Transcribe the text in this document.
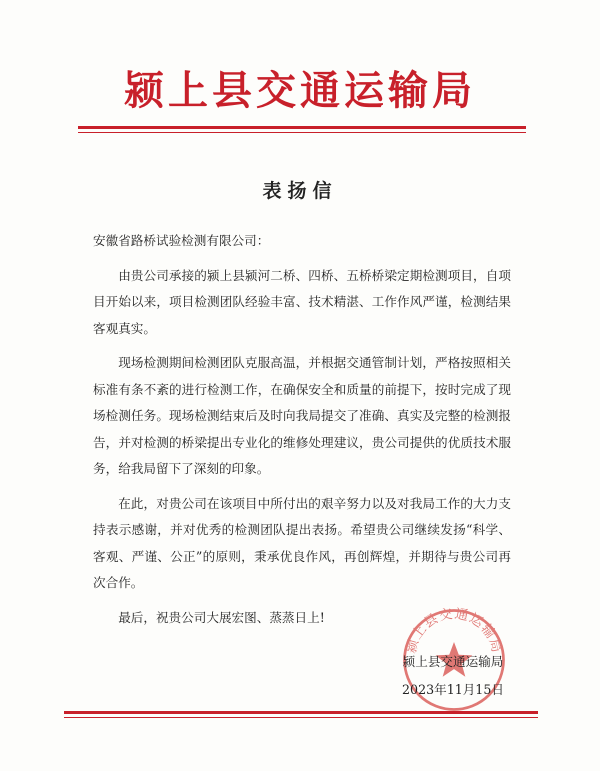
颍上县交通运输局
表扬信

安徽省路桥试验检测有限公司：

由贵公司承接的颍上县颍河二桥、四桥、五桥桥梁定期检测项目，自项目开始以来，项目检测团队经验丰富、技术精湛、工作作风严谨，检测结果客观真实。

现场检测期间检测团队克服高温，并根据交通管制计划，严格按照相关标准有条不紊的进行检测工作，在确保安全和质量的前提下，按时完成了现场检测任务。现场检测结束后及时向我局提交了准确、真实及完整的检测报告，并对检测的桥梁提出专业化的维修处理建议，贵公司提供的优质技术服务，给我局留下了深刻的印象。

在此，对贵公司在该项目中所付出的艰辛努力以及对我局工作的大力支持表示感谢，并对优秀的检测团队提出表扬。希望贵公司继续发扬“科学、客观、严谨、公正”的原则，秉承优良作风，再创辉煌，并期待与贵公司再次合作。

最后，祝贵公司大展宏图、蒸蒸日上!

颍上县交通运输局
颍上县交通运输局
2023年11月15日
